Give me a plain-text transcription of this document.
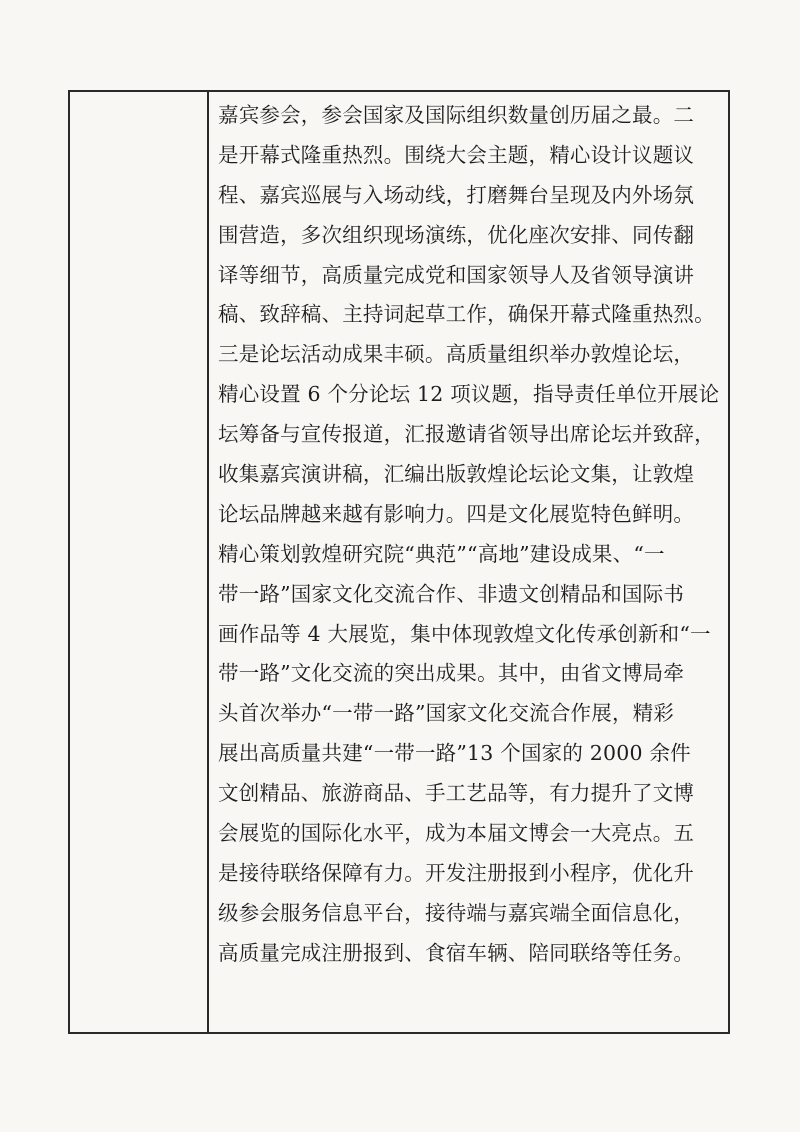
嘉宾参会，参会国家及国际组织数量创历届之最。二
是开幕式隆重热烈。围绕大会主题，精心设计议题议
程、嘉宾巡展与入场动线，打磨舞台呈现及内外场氛
围营造，多次组织现场演练，优化座次安排、同传翻
译等细节，高质量完成党和国家领导人及省领导演讲
稿、致辞稿、主持词起草工作，确保开幕式隆重热烈。
三是论坛活动成果丰硕。高质量组织举办敦煌论坛，
精心设置 6 个分论坛 12 项议题，指导责任单位开展论
坛筹备与宣传报道，汇报邀请省领导出席论坛并致辞，
收集嘉宾演讲稿，汇编出版敦煌论坛论文集，让敦煌
论坛品牌越来越有影响力。四是文化展览特色鲜明。
精心策划敦煌研究院“典范”“高地”建设成果、“一
带一路”国家文化交流合作、非遗文创精品和国际书
画作品等 4 大展览，集中体现敦煌文化传承创新和“一
带一路”文化交流的突出成果。其中，由省文博局牵
头首次举办“一带一路”国家文化交流合作展，精彩
展出高质量共建“一带一路”13 个国家的 2000 余件
文创精品、旅游商品、手工艺品等，有力提升了文博
会展览的国际化水平，成为本届文博会一大亮点。五
是接待联络保障有力。开发注册报到小程序，优化升
级参会服务信息平台，接待端与嘉宾端全面信息化，
高质量完成注册报到、食宿车辆、陪同联络等任务。
